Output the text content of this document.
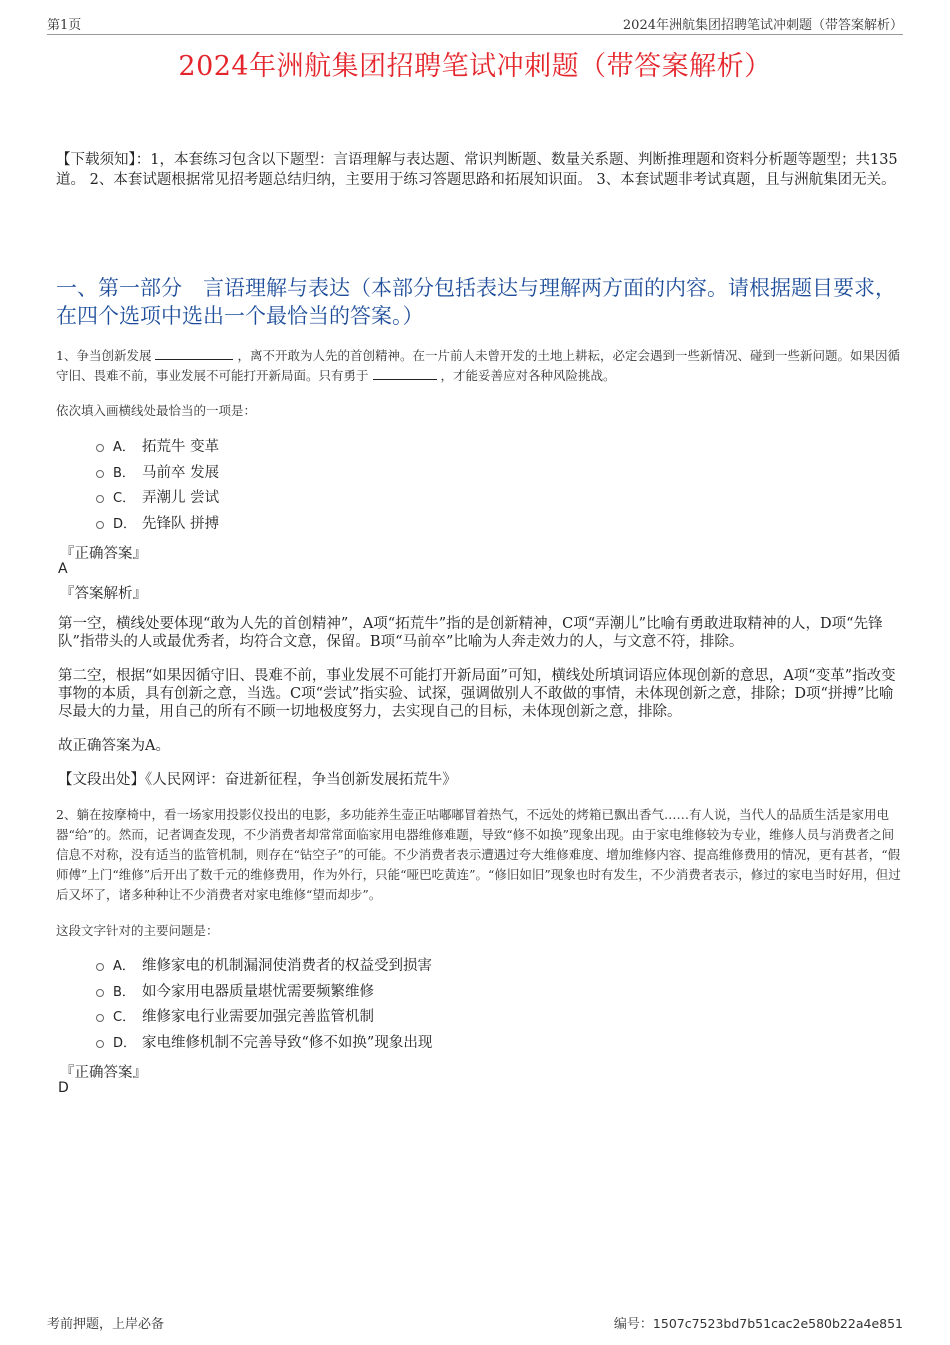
第1页	2024年洲航集团招聘笔试冲刺题（带答案解析）
2024年洲航集团招聘笔试冲刺题（带答案解析）
【下载须知】：1，本套练习包含以下题型：言语理解与表达题、常识判断题、数量关系题、判断推理题和资料分析题等题型；共135道。 2、本套试题根据常见招考题总结归纳，主要用于练习答题思路和拓展知识面。 3、本套试题非考试真题，且与洲航集团无关。
一、第一部分　言语理解与表达（本部分包括表达与理解两方面的内容。请根据题目要求，在四个选项中选出一个最恰当的答案。）
1、争当创新发展	，离不开敢为人先的首创精神。在一片前人未曾开发的土地上耕耘，必定会遇到一些新情况、碰到一些新问题。如果因循守旧、畏难不前，事业发展不可能打开新局面。只有勇于	，才能妥善应对各种风险挑战。
依次填入画横线处最恰当的一项是：
A． 拓荒牛 变革
B． 马前卒 发展
C． 弄潮儿 尝试
D． 先锋队 拼搏
『正确答案』
A
『答案解析』
第一空，横线处要体现“敢为人先的首创精神”，A项“拓荒牛”指的是创新精神，C项“弄潮儿”比喻有勇敢进取精神的人，D项“先锋队”指带头的人或最优秀者，均符合文意，保留。B项“马前卒”比喻为人奔走效力的人，与文意不符，排除。
第二空，根据“如果因循守旧、畏难不前，事业发展不可能打开新局面”可知，横线处所填词语应体现创新的意思，A项“变革”指改变事物的本质，具有创新之意，当选。C项“尝试”指实验、试探，强调做别人不敢做的事情，未体现创新之意，排除；D项“拼搏”比喻尽最大的力量，用自己的所有不顾一切地极度努力，去实现自己的目标，未体现创新之意，排除。
故正确答案为A。
【文段出处】《人民网评：奋进新征程，争当创新发展拓荒牛》
2、躺在按摩椅中，看一场家用投影仪投出的电影，多功能养生壶正咕嘟嘟冒着热气，不远处的烤箱已飘出香气……有人说，当代人的品质生活是家用电器“给”的。然而，记者调查发现，不少消费者却常常面临家用电器维修难题，导致“修不如换”现象出现。由于家电维修较为专业，维修人员与消费者之间信息不对称，没有适当的监管机制，则存在“钻空子”的可能。不少消费者表示遭遇过夸大维修难度、增加维修内容、提高维修费用的情况，更有甚者，“假师傅”上门“维修”后开出了数千元的维修费用，作为外行，只能“哑巴吃黄连”。“修旧如旧”现象也时有发生，不少消费者表示，修过的家电当时好用，但过后又坏了，诸多种种让不少消费者对家电维修“望而却步”。
这段文字针对的主要问题是：
A． 维修家电的机制漏洞使消费者的权益受到损害
B． 如今家用电器质量堪忧需要频繁维修
C． 维修家电行业需要加强完善监管机制
D． 家电维修机制不完善导致“修不如换”现象出现
『正确答案』
D
考前押题，上岸必备	编号：1507c7523bd7b51cac2e580b22a4e851
